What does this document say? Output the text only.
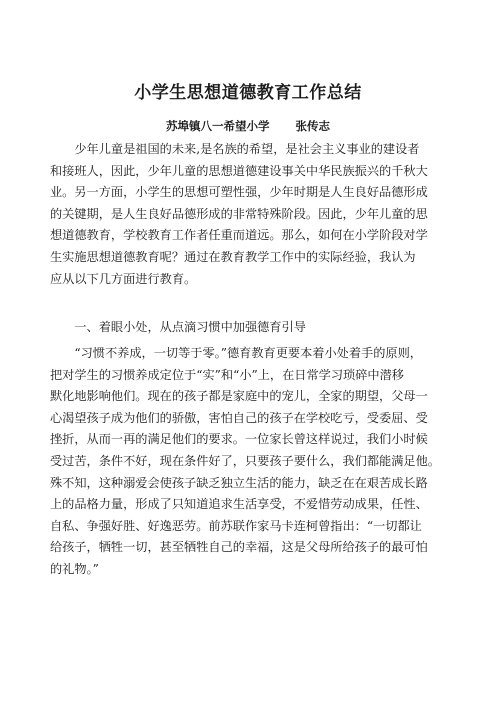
小学生思想道德教育工作总结
苏埠镇八一希望小学 张传志
　　少年儿童是祖国的未来,是名族的希望，是社会主义事业的建设者
和接班人，因此，少年儿童的思想道德建设事关中华民族振兴的千秋大
业。另一方面，小学生的思想可塑性强，少年时期是人生良好品德形成
的关键期，是人生良好品德形成的非常特殊阶段。因此，少年儿童的思
想道德教育，学校教育工作者任重而道远。那么，如何在小学阶段对学
生实施思想道德教育呢？通过在教育教学工作中的实际经验，我认为
应从以下几方面进行教育。
　　一、着眼小处，从点滴习惯中加强德育引导
　　“习惯不养成，一切等于零。”德育教育更要本着小处着手的原则，
把对学生的习惯养成定位于“实”和“小”上，在日常学习琐碎中潜移
默化地影响他们。现在的孩子都是家庭中的宠儿，全家的期望，父母一
心渴望孩子成为他们的骄傲，害怕自己的孩子在学校吃亏，受委屈、受
挫折，从而一再的满足他们的要求。一位家长曾这样说过，我们小时候
受过苦，条件不好，现在条件好了，只要孩子要什么，我们都能满足他。
殊不知，这种溺爱会使孩子缺乏独立生活的能力，缺乏在在艰苦成长路
上的品格力量，形成了只知道追求生活享受，不爱惜劳动成果，任性、
自私、争强好胜、好逸恶劳。前苏联作家马卡连柯曾指出：“一切都让
给孩子，牺牲一切，甚至牺牲自己的幸福，这是父母所给孩子的最可怕
的礼物。”
